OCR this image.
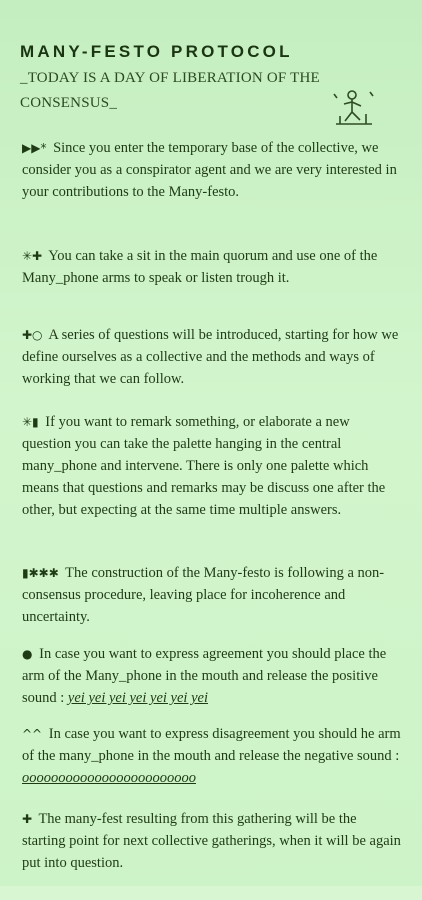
MANY-FESTO PROTOCOL
_TODAY IS A DAY OF LIBERATION OF THE CONSENSUS_
▶▶* Since you enter the temporary base of the collective, we consider you as a conspirator agent and we are very interested in your contributions to the Many-festo.
✳✚ You can take a sit in the main quorum and use one of the Many_phone arms to speak or listen trough it.
✚○ A series of questions will be introduced, starting for how we define ourselves as a collective and the methods and ways of working that we can follow.
✳▮ If you want to remark something, or elaborate a new question you can take the palette hanging in the central many_phone and intervene. There is only one palette which means that questions and remarks may be discuss one after the other, but expecting at the same time multiple answers.
▮✱✱✱ The construction of the Many-festo is following a non-consensus procedure, leaving place for incoherence and uncertainty.
● In case you want to express agreement you should place the arm of the Many_phone in the mouth and release the positive sound : yei yei yei yei yei yei yei
^^ In case you want to express disagreement you should he arm of the many_phone in the mouth and release the negative sound : oooooooooooooooooooooooo
✚ The many-fest resulting from this gathering will be the starting point for next collective gatherings, when it will be again put into question.
